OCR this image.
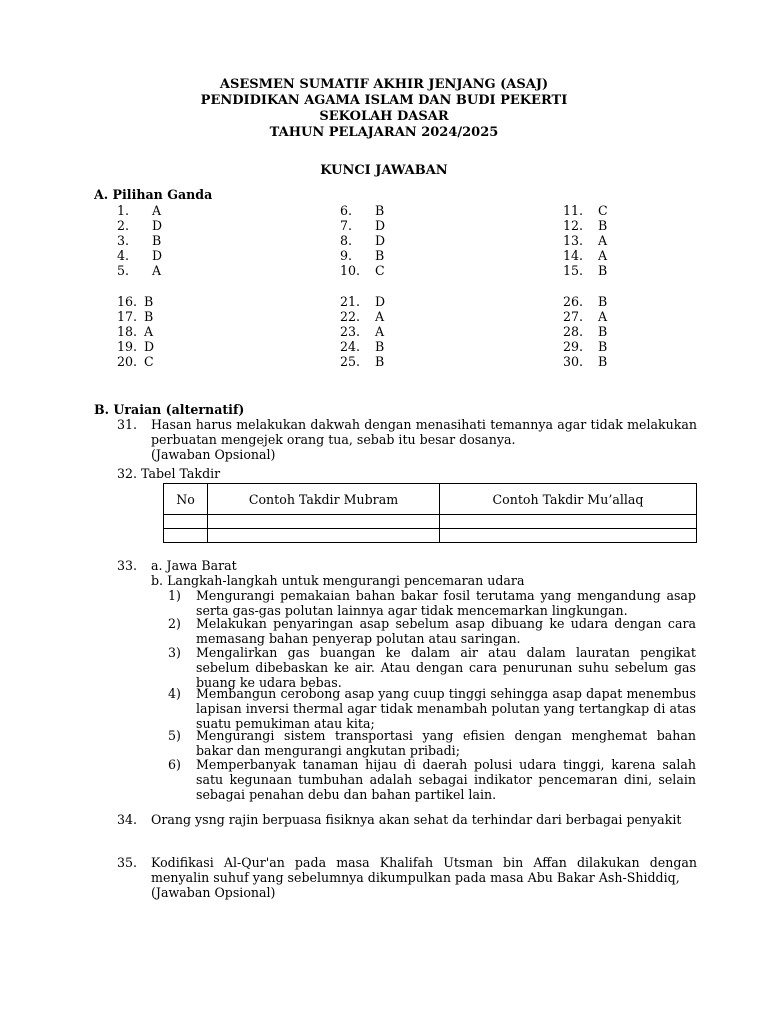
ASESMEN SUMATIF AKHIR JENJANG (ASAJ)
PENDIDIKAN AGAMA ISLAM DAN BUDI PEKERTI
SEKOLAH DASAR
TAHUN PELAJARAN 2024/2025
KUNCI JAWABAN
A. Pilihan Ganda
1. A
2. D
3. B
4. D
5. A
6. B
7. D
8. D
9. B
10. C
11. C
12. B
13. A
14. A
15. B
16. B
17. B
18. A
19. D
20. C
21. D
22. A
23. A
24. B
25. B
26. B
27. A
28. B
29. B
30. B
B. Uraian (alternatif)
31. Hasan harus melakukan dakwah dengan menasihati temannya agar tidak melakukan perbuatan mengejek orang tua, sebab itu besar dosanya.
(Jawaban Opsional)
32. Tabel Takdir
No	Contoh Takdir Mubram	Contoh Takdir Mu’allaq

33. a. Jawa Barat
b. Langkah-langkah untuk mengurangi pencemaran udara
1) Mengurangi pemakaian bahan bakar fosil terutama yang mengandung asap serta gas-gas polutan lainnya agar tidak mencemarkan lingkungan.
2) Melakukan penyaringan asap sebelum asap dibuang ke udara dengan cara memasang bahan penyerap polutan atau saringan.
3) Mengalirkan gas buangan ke dalam air atau dalam lauratan pengikat sebelum dibebaskan ke air. Atau dengan cara penurunan suhu sebelum gas buang ke udara bebas.
4) Membangun cerobong asap yang cuup tinggi sehingga asap dapat menembus lapisan inversi thermal agar tidak menambah polutan yang tertangkap di atas suatu pemukiman atau kita;
5) Mengurangi sistem transportasi yang efisien dengan menghemat bahan bakar dan mengurangi angkutan pribadi;
6) Memperbanyak tanaman hijau di daerah polusi udara tinggi, karena salah satu kegunaan tumbuhan adalah sebagai indikator pencemaran dini, selain sebagai penahan debu dan bahan partikel lain.
34. Orang ysng rajin berpuasa fisiknya akan sehat da terhindar dari berbagai penyakit
35. Kodifikasi Al-Qur'an pada masa Khalifah Utsman bin Affan dilakukan dengan menyalin suhuf yang sebelumnya dikumpulkan pada masa Abu Bakar Ash-Shiddiq,
(Jawaban Opsional)
